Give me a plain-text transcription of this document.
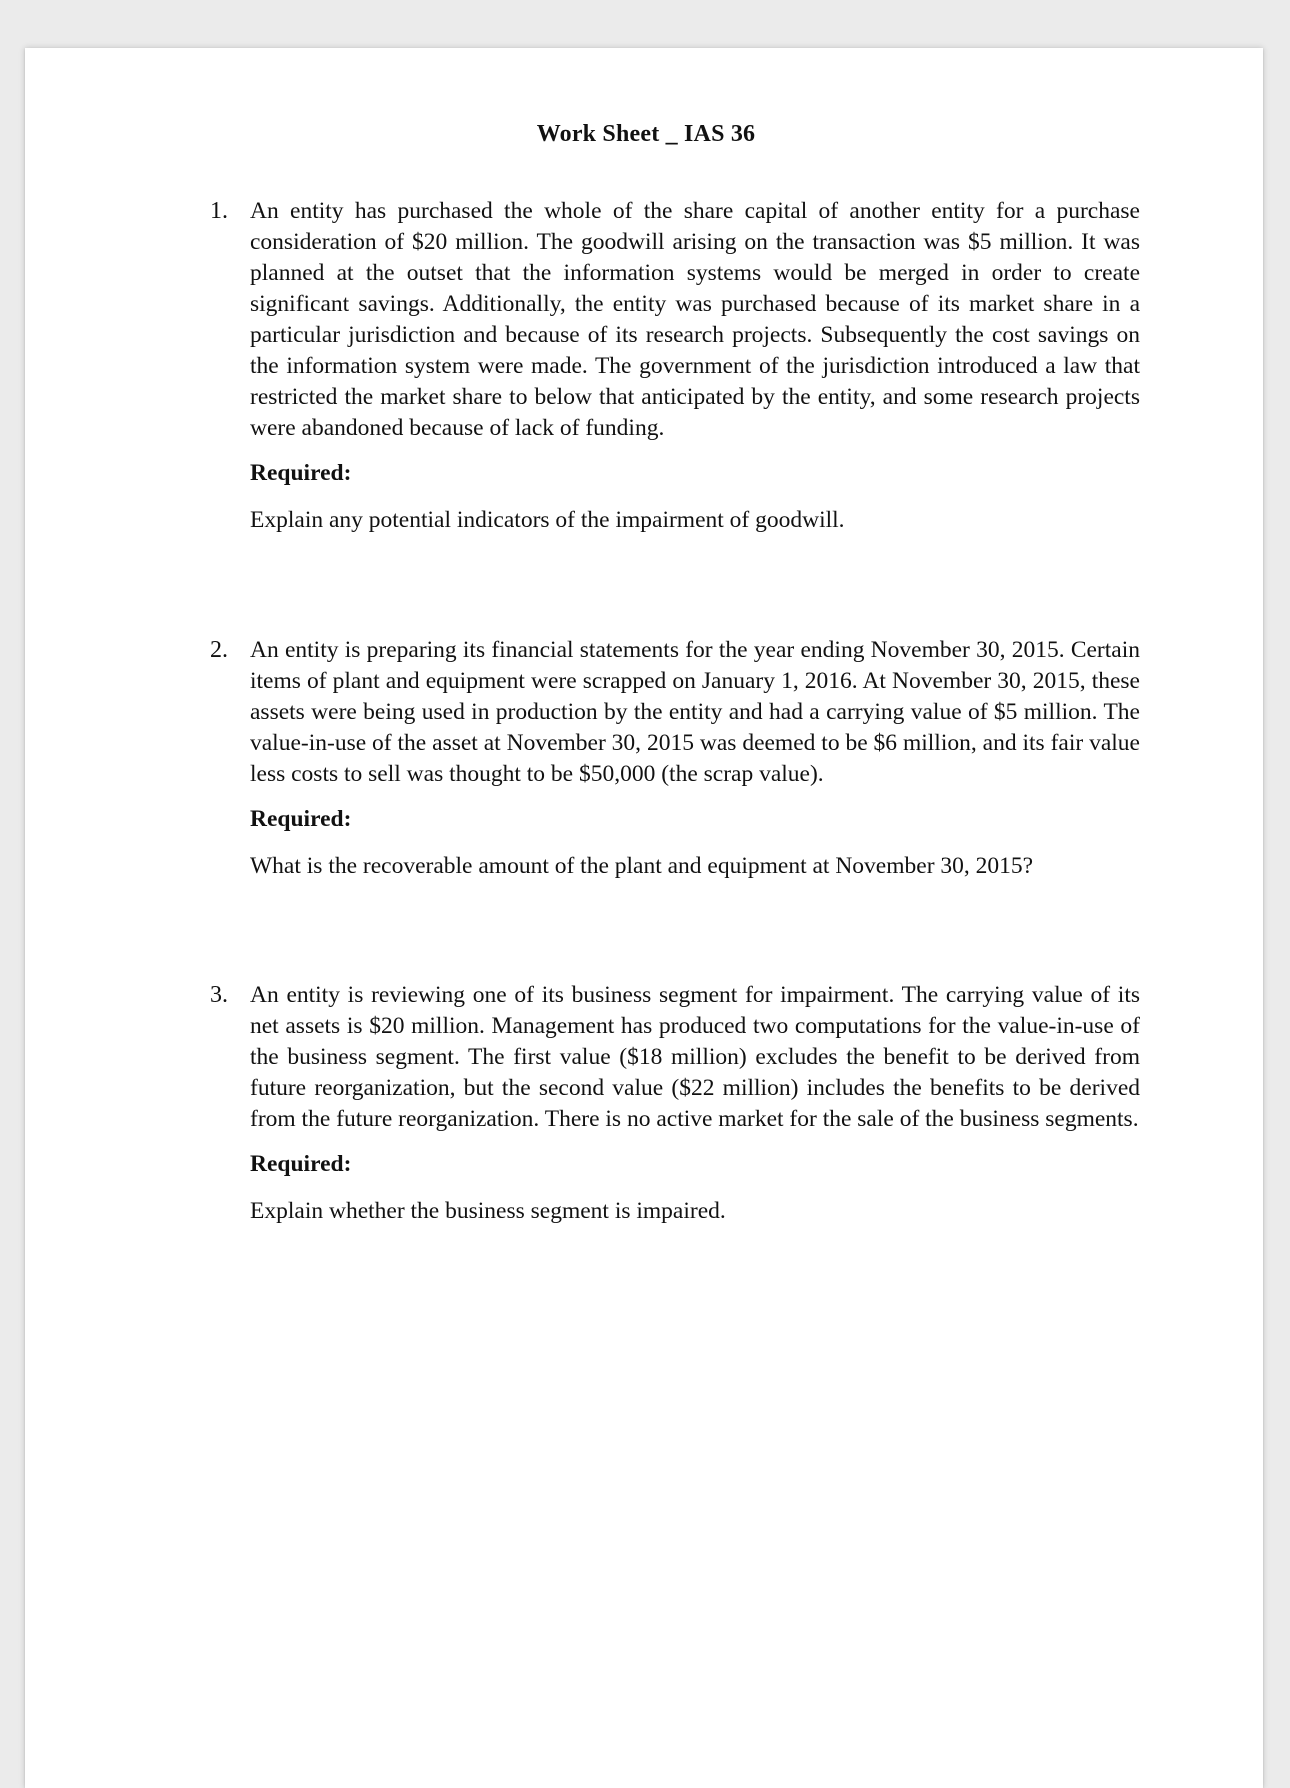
Work Sheet _ IAS 36
1. An entity has purchased the whole of the share capital of another entity for a purchase consideration of $20 million. The goodwill arising on the transaction was $5 million. It was planned at the outset that the information systems would be merged in order to create significant savings. Additionally, the entity was purchased because of its market share in a particular jurisdiction and because of its research projects. Subsequently the cost savings on the information system were made. The government of the jurisdiction introduced a law that restricted the market share to below that anticipated by the entity, and some research projects were abandoned because of lack of funding.

Required:

Explain any potential indicators of the impairment of goodwill.

2. An entity is preparing its financial statements for the year ending November 30, 2015. Certain items of plant and equipment were scrapped on January 1, 2016. At November 30, 2015, these assets were being used in production by the entity and had a carrying value of $5 million. The value-in-use of the asset at November 30, 2015 was deemed to be $6 million, and its fair value less costs to sell was thought to be $50,000 (the scrap value).

Required:

What is the recoverable amount of the plant and equipment at November 30, 2015?

3. An entity is reviewing one of its business segment for impairment. The carrying value of its net assets is $20 million. Management has produced two computations for the value-in-use of the business segment. The first value ($18 million) excludes the benefit to be derived from future reorganization, but the second value ($22 million) includes the benefits to be derived from the future reorganization. There is no active market for the sale of the business segments.

Required:

Explain whether the business segment is impaired.
